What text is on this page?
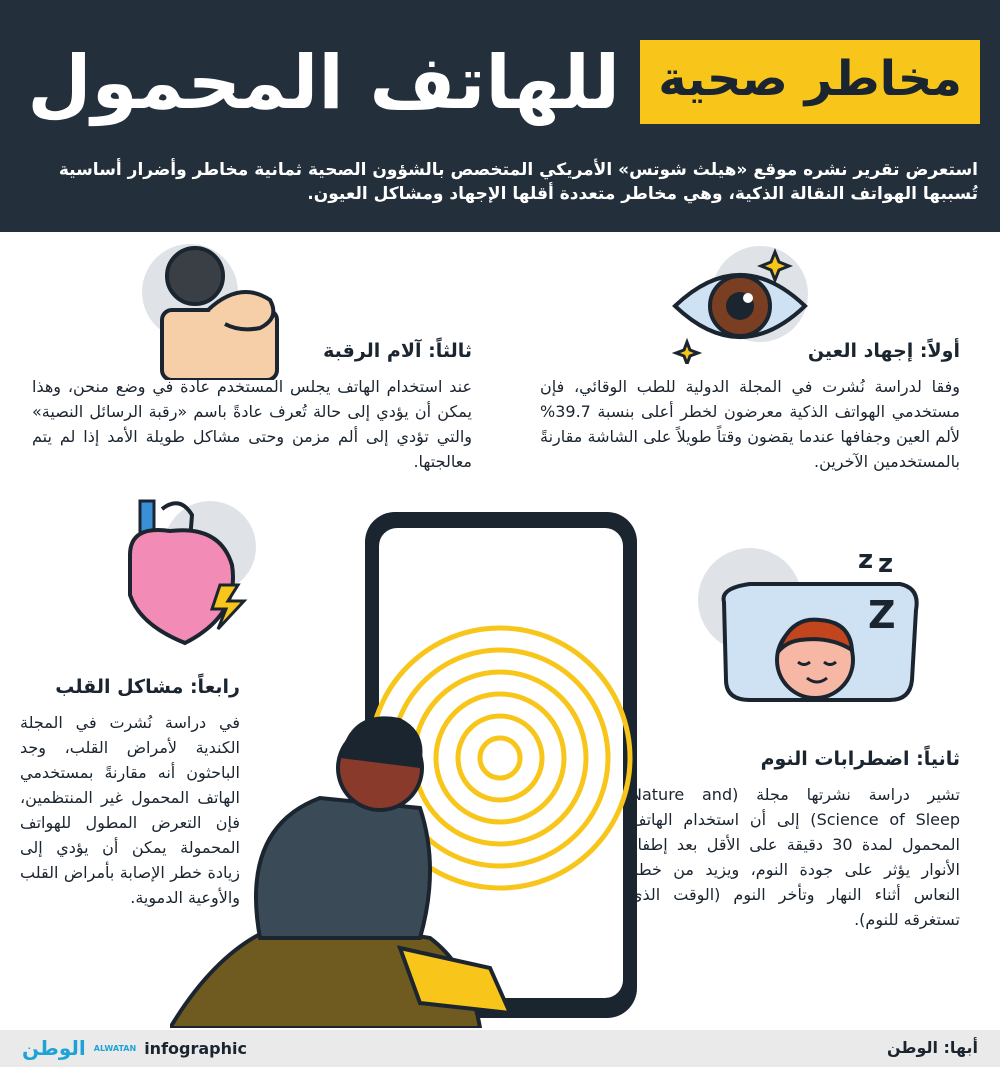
مخاطر صحية
للهاتف المحمول
استعرض تقرير نشره موقع «هيلث شوتس» الأمريكي المتخصص بالشؤون الصحية ثمانية مخاطر وأضرار أساسية تُسببها الهواتف النقالة الذكية، وهي مخاطر متعددة أقلها الإجهاد ومشاكل العيون.
z z
Z
أولاً: إجهاد العين

وفقا لدراسة نُشرت في المجلة الدولية للطب الوقائي، فإن مستخدمي الهواتف الذكية معرضون لخطر أعلى بنسبة 39.7% لألم العين وجفافها عندما يقضون وقتاً طويلاً على الشاشة مقارنةً بالمستخدمين الآخرين.

ثانياً: اضطرابات النوم

تشير دراسة نشرتها مجلة (Nature and Science of Sleep) إلى أن استخدام الهاتف المحمول لمدة 30 دقيقة على الأقل بعد إطفاء الأنوار يؤثر على جودة النوم، ويزيد من خطر النعاس أثناء النهار وتأخر النوم (الوقت الذي تستغرقه للنوم).

ثالثاً: آلام الرقبة

عند استخدام الهاتف يجلس المستخدم عادة في وضع منحن، وهذا يمكن أن يؤدي إلى حالة تُعرف عادةً باسم «رقبة الرسائل النصية» والتي تؤدي إلى ألم مزمن وحتى مشاكل طويلة الأمد إذا لم يتم معالجتها.

رابعاً: مشاكل القلب

في دراسة نُشرت في المجلة الكندية لأمراض القلب، وجد الباحثون أنه مقارنةً بمستخدمي الهاتف المحمول غير المنتظمين، فإن التعرض المطول للهواتف المحمولة يمكن أن يؤدي إلى زيادة خطر الإصابة بأمراض القلب والأوعية الدموية.

الوطن ALWATAN infographic	أبها: الوطن
